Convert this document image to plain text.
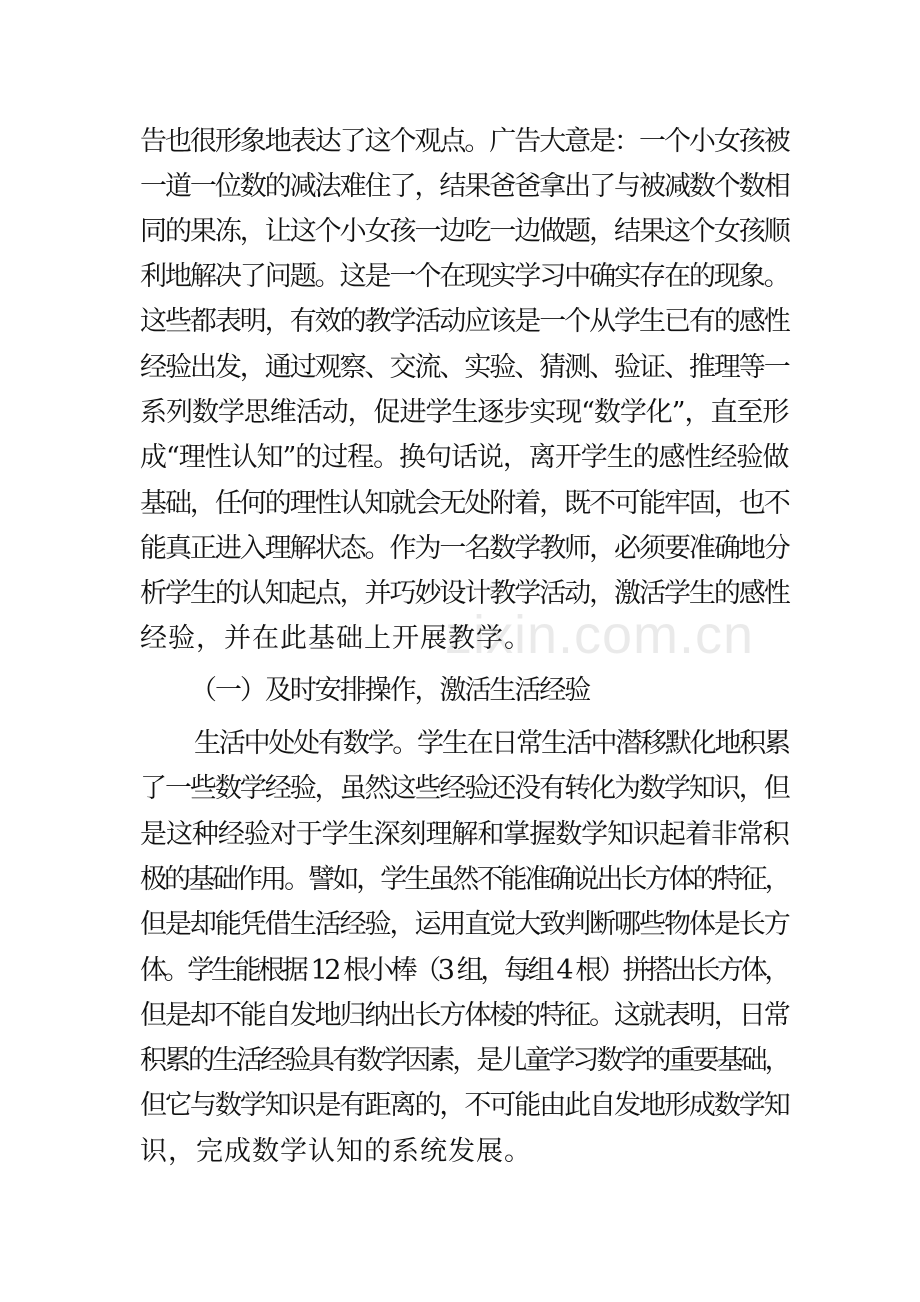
告也很形象地表达了这个观点。广告大意是：一个小女孩被
一道一位数的减法难住了，结果爸爸拿出了与被减数个数相
同的果冻，让这个小女孩一边吃一边做题，结果这个女孩顺
利地解决了问题。这是一个在现实学习中确实存在的现象。
这些都表明，有效的教学活动应该是一个从学生已有的感性
经验出发，通过观察、交流、实验、猜测、验证、推理等一
系列数学思维活动，促进学生逐步实现“数学化”，直至形
成“理性认知”的过程。换句话说，离开学生的感性经验做
基础，任何的理性认知就会无处附着，既不可能牢固，也不
能真正进入理解状态。作为一名数学教师，必须要准确地分
析学生的认知起点，并巧妙设计教学活动，激活学生的感性
经验，并在此基础上开展教学。
（一）及时安排操作，激活生活经验
生活中处处有数学。学生在日常生活中潜移默化地积累
了一些数学经验，虽然这些经验还没有转化为数学知识，但
是这种经验对于学生深刻理解和掌握数学知识起着非常积
极的基础作用。譬如，学生虽然不能准确说出长方体的特征，
但是却能凭借生活经验，运用直觉大致判断哪些物体是长方
体。学生能根据 12 根小棒（3 组，每组 4 根）拼搭出长方体，
但是却不能自发地归纳出长方体棱的特征。这就表明，日常
积累的生活经验具有数学因素，是儿童学习数学的重要基础，
但它与数学知识是有距离的，不可能由此自发地形成数学知
识，完成数学认知的系统发展。
zixin.com.cn
